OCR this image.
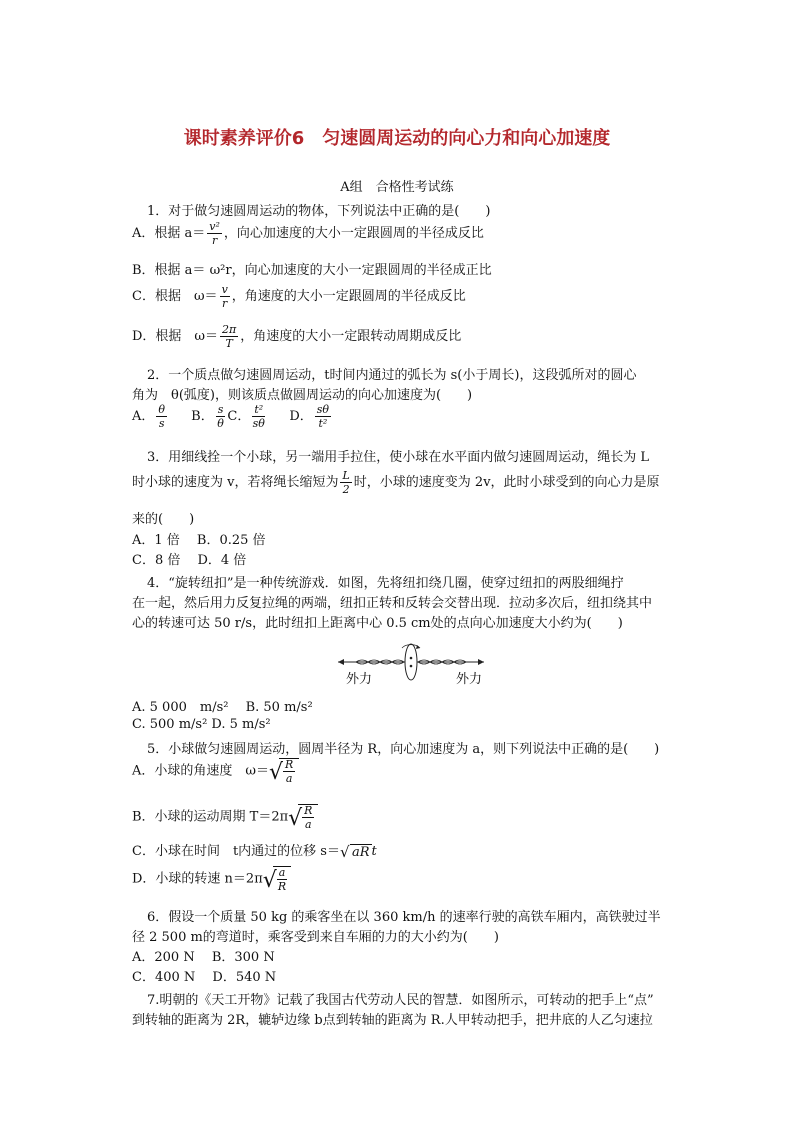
课时素养评价6　匀速圆周运动的向心力和向心加速度
A组　合格性考试练
1．对于做匀速圆周运动的物体，下列说法中正确的是(　　)
A．根据 $a= \frac{\text{v²}}{r}$ ，向心加速度的大小一定跟圆周的半径成反比
B．根据 a＝ ω²r，向心加速度的大小一定跟圆周的半径成正比
C．根据　$\omega= \frac{v}{r}$ ，角速度的大小一定跟圆周的半径成反比
D．根据　$\omega= \frac{2\pi}{T}$ ，角速度的大小一定跟转动周期成反比
2．一个质点做匀速圆周运动，t时间内通过的弧长为 s(小于周长)，这段弧所对的圆心
角为　θ(弧度)，则该质点做圆周运动的向心加速度为(　　)
A． $\frac{\theta}{s}$ B． $\frac{s}{\theta}$ C． $\frac{\text{t²}}{s\theta}$ D． $\frac{s\theta}{\text{t²}}$
3．用细线拴一个小球，另一端用手拉住，使小球在水平面内做匀速圆周运动，绳长为 L
时小球的速度为 v，若将绳长缩短为 $\frac{L}{2}$ 时，小球的速度变为 2v，此时小球受到的向心力是原
来的(　　)
A．1 倍　 B．0.25 倍
C．8 倍　 D．4 倍
4．“旋转纽扣”是一种传统游戏．如图，先将纽扣绕几圈，使穿过纽扣的两股细绳拧
在一起，然后用力反复拉绳的两端，纽扣正转和反转会交替出现．拉动多次后，纽扣绕其中
心的转速可达 50 r/s，此时纽扣上距离中心 0.5 cm处的点向心加速度大小约为(　　)
外力	外力
A. 5 000　m/s²　 B. 50 m/s²
C. 500 m/s² D. 5 m/s²
5．小球做匀速圆周运动，圆周半径为 R，向心加速度为 a，则下列说法中正确的是(　　)
A．小球的角速度　ω＝ √ $\frac{R}{a}$
B．小球的运动周期 T＝2π √ $\frac{R}{a}$
C．小球在时间　t内通过的位移 s＝ √ aR t
D．小球的转速 n＝2π √ $\frac{a}{R}$
6．假设一个质量 50 kg 的乘客坐在以 360 km/h 的速率行驶的高铁车厢内，高铁驶过半
径 2 500 m的弯道时，乘客受到来自车厢的力的大小约为(　　)
A．200 N　 B．300 N
C．400 N　 D．540 N
7.明朝的《天工开物》记载了我国古代劳动人民的智慧．如图所示，可转动的把手上“点”
到转轴的距离为 2R，辘轳边缘 b点到转轴的距离为 R.人甲转动把手，把井底的人乙匀速拉
